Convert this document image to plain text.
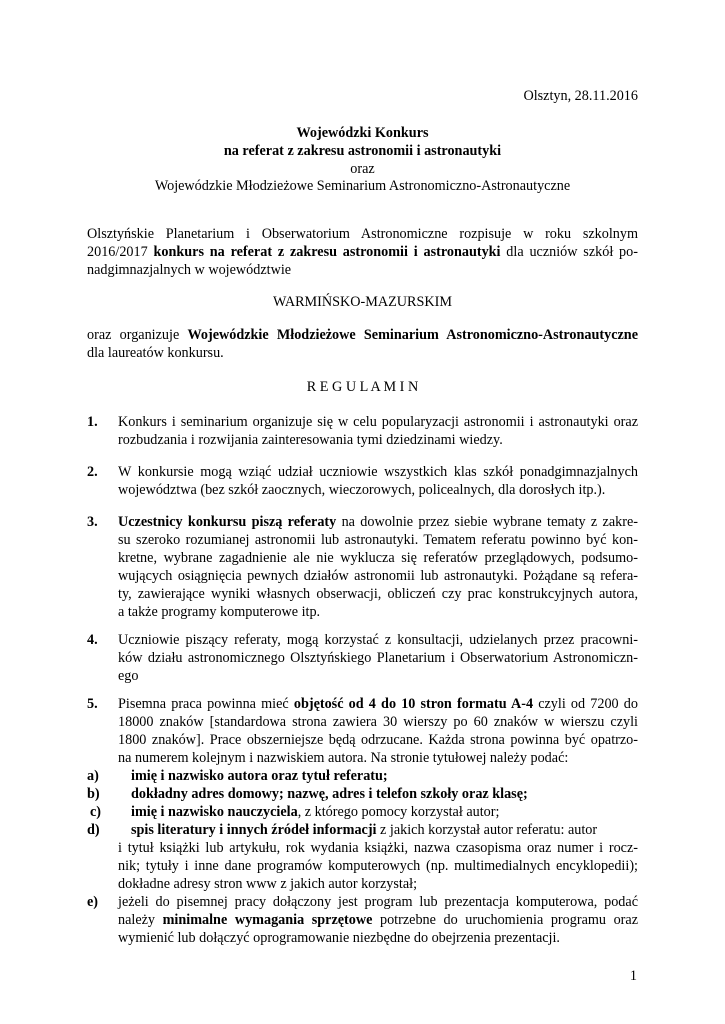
Olsztyn, 28.11.2016
Wojewódzki Konkurs
na referat z zakresu astronomii i astronautyki
oraz
Wojewódzkie Młodzieżowe Seminarium Astronomiczno-Astronautyczne
Olsztyńskie Planetarium i Obserwatorium Astronomiczne rozpisuje w roku szkolnym
2016/2017 konkurs na referat z zakresu astronomii i astronautyki dla uczniów szkół po-
nadgimnazjalnych w województwie
WARMIŃSKO-MAZURSKIM
oraz organizuje Wojewódzkie Młodzieżowe Seminarium Astronomiczno-Astronautyczne
dla laureatów konkursu.
R E G U L A M I N
1. Konkurs i seminarium organizuje się w celu popularyzacji astronomii i astronautyki oraz
rozbudzania i rozwijania zainteresowania tymi dziedzinami wiedzy.
2. W konkursie mogą wziąć udział uczniowie wszystkich klas szkół ponadgimnazjalnych
województwa (bez szkół zaocznych, wieczorowych, policealnych, dla dorosłych itp.).
3. Uczestnicy konkursu piszą referaty na dowolnie przez siebie wybrane tematy z zakre-
su szeroko rozumianej astronomii lub astronautyki. Tematem referatu powinno być kon-
kretne, wybrane zagadnienie ale nie wyklucza się referatów przeglądowych, podsumo-
wujących osiągnięcia pewnych działów astronomii lub astronautyki. Pożądane są refera-
ty, zawierające wyniki własnych obserwacji, obliczeń czy prac konstrukcyjnych autora,
a także programy komputerowe itp.
4. Uczniowie piszący referaty, mogą korzystać z konsultacji, udzielanych przez pracowni-
ków działu astronomicznego Olsztyńskiego Planetarium i Obserwatorium Astronomiczn-
ego
5. Pisemna praca powinna mieć objętość od 4 do 10 stron formatu A-4 czyli od 7200 do
18000 znaków [standardowa strona zawiera 30 wierszy po 60 znaków w wierszu czyli
1800 znaków]. Prace obszerniejsze będą odrzucane. Każda strona powinna być opatrzo-
na numerem kolejnym i nazwiskiem autora. Na stronie tytułowej należy podać:
a) imię i nazwisko autora oraz tytuł referatu;
b) dokładny adres domowy; nazwę, adres i telefon szkoły oraz klasę;
c) imię i nazwisko nauczyciela, z którego pomocy korzystał autor;
d) spis literatury i innych źródeł informacji z jakich korzystał autor referatu: autor
i tytuł książki lub artykułu, rok wydania książki, nazwa czasopisma oraz numer i rocz-
nik; tytuły i inne dane programów komputerowych (np. multimedialnych encyklopedii);
dokładne adresy stron www z jakich autor korzystał;
e) jeżeli do pisemnej pracy dołączony jest program lub prezentacja komputerowa, podać
należy minimalne wymagania sprzętowe potrzebne do uruchomienia programu oraz
wymienić lub dołączyć oprogramowanie niezbędne do obejrzenia prezentacji.
1
